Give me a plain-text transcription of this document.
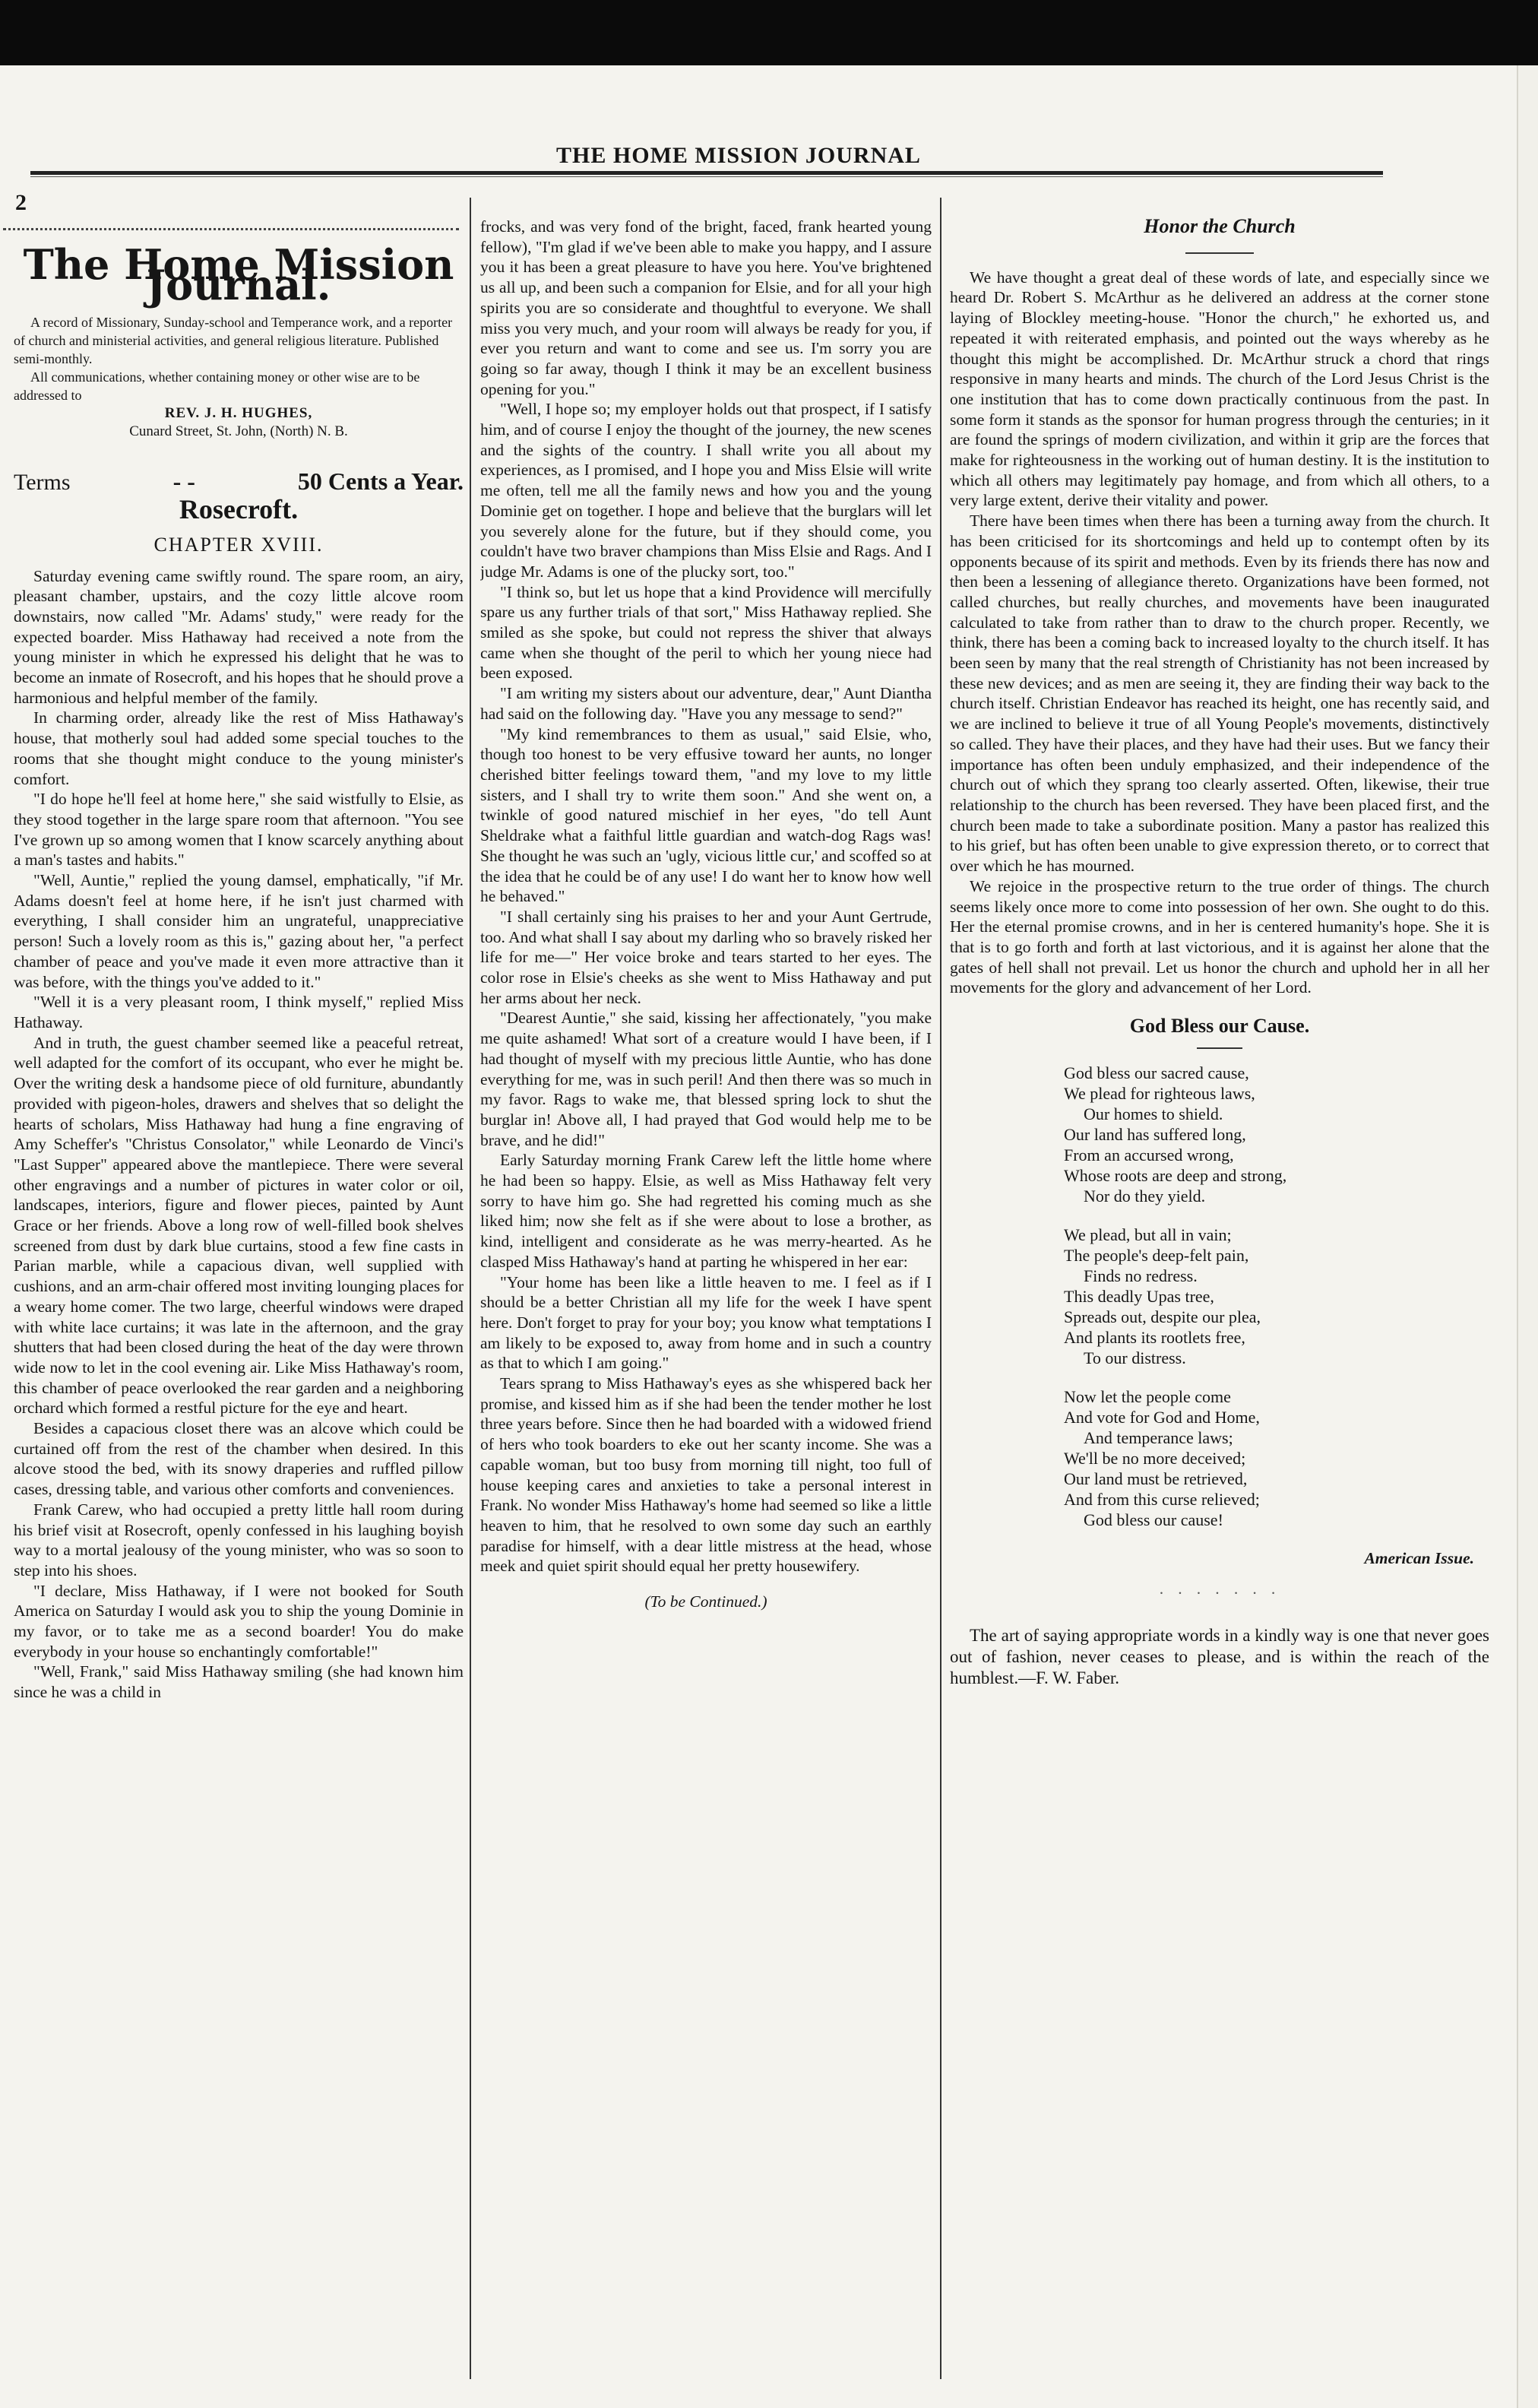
THE HOME MISSION JOURNAL
2
The Home Mission Journal.

A record of Missionary, Sunday-school and Temperance work, and a reporter of church and ministerial activities, and general religious literature. Published semi-monthly.

All communications, whether containing money or other wise are to be addressed to

REV. J. H. HUGHES,
Cunard Street, St. John, (North) N. B.
Terms	- -	50 Cents a Year.
Rosecroft.
CHAPTER XVIII.

Saturday evening came swiftly round. The spare room, an airy, pleasant chamber, upstairs, and the cozy little alcove room downstairs, now called "Mr. Adams' study," were ready for the expected boarder. Miss Hathaway had received a note from the young minister in which he expressed his delight that he was to become an inmate of Rosecroft, and his hopes that he should prove a harmonious and helpful member of the family.

In charming order, already like the rest of Miss Hathaway's house, that motherly soul had added some special touches to the rooms that she thought might conduce to the young minister's comfort.

"I do hope he'll feel at home here," she said wistfully to Elsie, as they stood together in the large spare room that afternoon. "You see I've grown up so among women that I know scarcely anything about a man's tastes and habits."

"Well, Auntie," replied the young damsel, emphatically, "if Mr. Adams doesn't feel at home here, if he isn't just charmed with everything, I shall consider him an ungrateful, unappreciative person! Such a lovely room as this is," gazing about her, "a perfect chamber of peace and you've made it even more attractive than it was before, with the things you've added to it."

"Well it is a very pleasant room, I think myself," replied Miss Hathaway.

And in truth, the guest chamber seemed like a peaceful retreat, well adapted for the comfort of its occupant, who ever he might be. Over the writing desk a handsome piece of old furniture, abundantly provided with pigeon-holes, drawers and shelves that so delight the hearts of scholars, Miss Hathaway had hung a fine engraving of Amy Scheffer's "Christus Consolator," while Leonardo de Vinci's "Last Supper" appeared above the mantlepiece. There were several other engravings and a number of pictures in water color or oil, landscapes, interiors, figure and flower pieces, painted by Aunt Grace or her friends. Above a long row of well-filled book shelves screened from dust by dark blue curtains, stood a few fine casts in Parian marble, while a capacious divan, well supplied with cushions, and an arm-chair offered most inviting lounging places for a weary home comer. The two large, cheerful windows were draped with white lace curtains; it was late in the afternoon, and the gray shutters that had been closed during the heat of the day were thrown wide now to let in the cool evening air. Like Miss Hathaway's room, this chamber of peace overlooked the rear garden and a neighboring orchard which formed a restful picture for the eye and heart.

Besides a capacious closet there was an alcove which could be curtained off from the rest of the chamber when desired. In this alcove stood the bed, with its snowy draperies and ruffled pillow cases, dressing table, and various other comforts and conveniences.

Frank Carew, who had occupied a pretty little hall room during his brief visit at Rosecroft, openly confessed in his laughing boyish way to a mortal jealousy of the young minister, who was so soon to step into his shoes.

"I declare, Miss Hathaway, if I were not booked for South America on Saturday I would ask you to ship the young Dominie in my favor, or to take me as a second boarder! You do make everybody in your house so enchantingly comfortable!"

"Well, Frank," said Miss Hathaway smiling (she had known him since he was a child in

frocks, and was very fond of the bright, faced, frank hearted young fellow), "I'm glad if we've been able to make you happy, and I assure you it has been a great pleasure to have you here. You've brightened us all up, and been such a companion for Elsie, and for all your high spirits you are so considerate and thoughtful to everyone. We shall miss you very much, and your room will always be ready for you, if ever you return and want to come and see us. I'm sorry you are going so far away, though I think it may be an excellent business opening for you."

"Well, I hope so; my employer holds out that prospect, if I satisfy him, and of course I enjoy the thought of the journey, the new scenes and the sights of the country. I shall write you all about my experiences, as I promised, and I hope you and Miss Elsie will write me often, tell me all the family news and how you and the young Dominie get on together. I hope and believe that the burglars will let you severely alone for the future, but if they should come, you couldn't have two braver champions than Miss Elsie and Rags. And I judge Mr. Adams is one of the plucky sort, too."

"I think so, but let us hope that a kind Providence will mercifully spare us any further trials of that sort," Miss Hathaway replied. She smiled as she spoke, but could not repress the shiver that always came when she thought of the peril to which her young niece had been exposed.

"I am writing my sisters about our adventure, dear," Aunt Diantha had said on the following day. "Have you any message to send?"

"My kind remembrances to them as usual," said Elsie, who, though too honest to be very effusive toward her aunts, no longer cherished bitter feelings toward them, "and my love to my little sisters, and I shall try to write them soon." And she went on, a twinkle of good natured mischief in her eyes, "do tell Aunt Sheldrake what a faithful little guardian and watch-dog Rags was! She thought he was such an 'ugly, vicious little cur,' and scoffed so at the idea that he could be of any use! I do want her to know how well he behaved."

"I shall certainly sing his praises to her and your Aunt Gertrude, too. And what shall I say about my darling who so bravely risked her life for me—" Her voice broke and tears started to her eyes. The color rose in Elsie's cheeks as she went to Miss Hathaway and put her arms about her neck.

"Dearest Auntie," she said, kissing her affectionately, "you make me quite ashamed! What sort of a creature would I have been, if I had thought of myself with my precious little Auntie, who has done everything for me, was in such peril! And then there was so much in my favor. Rags to wake me, that blessed spring lock to shut the burglar in! Above all, I had prayed that God would help me to be brave, and he did!"

Early Saturday morning Frank Carew left the little home where he had been so happy. Elsie, as well as Miss Hathaway felt very sorry to have him go. She had regretted his coming much as she liked him; now she felt as if she were about to lose a brother, as kind, intelligent and considerate as he was merry-hearted. As he clasped Miss Hathaway's hand at parting he whispered in her ear:

"Your home has been like a little heaven to me. I feel as if I should be a better Christian all my life for the week I have spent here. Don't forget to pray for your boy; you know what temptations I am likely to be exposed to, away from home and in such a country as that to which I am going."

Tears sprang to Miss Hathaway's eyes as she whispered back her promise, and kissed him as if she had been the tender mother he lost three years before. Since then he had boarded with a widowed friend of hers who took boarders to eke out her scanty income. She was a capable woman, but too busy from morning till night, too full of house keeping cares and anxieties to take a personal interest in Frank. No wonder Miss Hathaway's home had seemed so like a little heaven to him, that he resolved to own some day such an earthly paradise for himself, with a dear little mistress at the head, whose meek and quiet spirit should equal her pretty housewifery.

(To be Continued.)
Honor the Church

We have thought a great deal of these words of late, and especially since we heard Dr. Robert S. McArthur as he delivered an address at the corner stone laying of Blockley meeting-house. "Honor the church," he exhorted us, and repeated it with reiterated emphasis, and pointed out the ways whereby as he thought this might be accomplished. Dr. McArthur struck a chord that rings responsive in many hearts and minds. The church of the Lord Jesus Christ is the one institution that has to come down practically continuous from the past. In some form it stands as the sponsor for human progress through the centuries; in it are found the springs of modern civilization, and within it grip are the forces that make for righteousness in the working out of human destiny. It is the institution to which all others may legitimately pay homage, and from which all others, to a very large extent, derive their vitality and power.

There have been times when there has been a turning away from the church. It has been criticised for its shortcomings and held up to contempt often by its opponents because of its spirit and methods. Even by its friends there has now and then been a lessening of allegiance thereto. Organizations have been formed, not called churches, but really churches, and movements have been inaugurated calculated to take from rather than to draw to the church proper. Recently, we think, there has been a coming back to increased loyalty to the church itself. It has been seen by many that the real strength of Christianity has not been increased by these new devices; and as men are seeing it, they are finding their way back to the church itself. Christian Endeavor has reached its height, one has recently said, and we are inclined to believe it true of all Young People's movements, distinctively so called. They have their places, and they have had their uses. But we fancy their importance has often been unduly emphasized, and their independence of the church out of which they sprang too clearly asserted. Often, likewise, their true relationship to the church has been reversed. They have been placed first, and the church been made to take a subordinate position. Many a pastor has realized this to his grief, but has often been unable to give expression thereto, or to correct that over which he has mourned.

We rejoice in the prospective return to the true order of things. The church seems likely once more to come into possession of her own. She ought to do this. Her the eternal promise crowns, and in her is centered humanity's hope. She it is that is to go forth and forth at last victorious, and it is against her alone that the gates of hell shall not prevail. Let us honor the church and uphold her in all her movements for the glory and advancement of her Lord.

God Bless our Cause.
God bless our sacred cause,
We plead for righteous laws,
Our homes to shield.
Our land has suffered long,
From an accursed wrong,
Whose roots are deep and strong,
Nor do they yield.
We plead, but all in vain;
The people's deep-felt pain,
Finds no redress.
This deadly Upas tree,
Spreads out, despite our plea,
And plants its rootlets free,
To our distress.
Now let the people come
And vote for God and Home,
And temperance laws;
We'll be no more deceived;
Our land must be retrieved,
And from this curse relieved;
God bless our cause!
American Issue.
· · · · · · ·

The art of saying appropriate words in a kindly way is one that never goes out of fashion, never ceases to please, and is within the reach of the humblest.—F. W. Faber.
